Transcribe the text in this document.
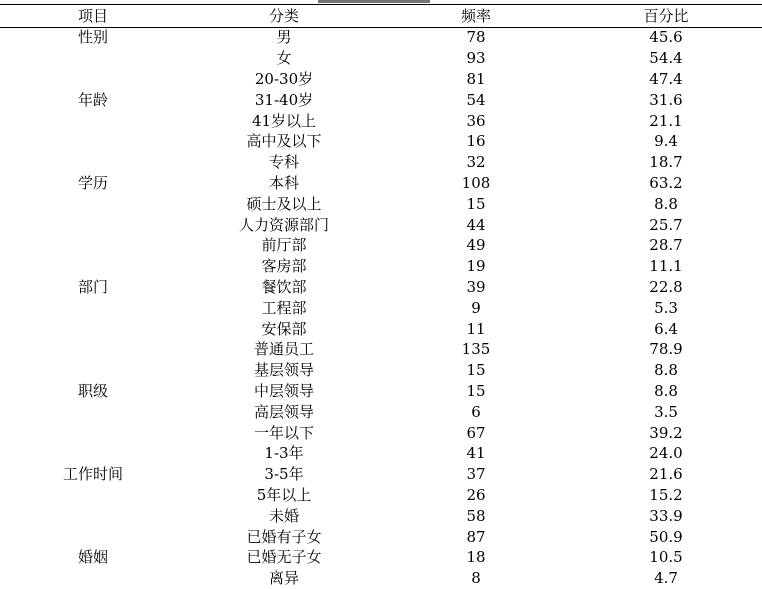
项目	分类	频率	百分比
性别	男	78	45.6
	女	93	54.4
	20-30岁	81	47.4
年龄	31-40岁	54	31.6
	41岁以上	36	21.1
	高中及以下	16	9.4
	专科	32	18.7
学历	本科	108	63.2
	硕士及以上	15	8.8
	人力资源部门	44	25.7
	前厅部	49	28.7
	客房部	19	11.1
部门	餐饮部	39	22.8
	工程部	9	5.3
	安保部	11	6.4
	普通员工	135	78.9
	基层领导	15	8.8
职级	中层领导	15	8.8
	高层领导	6	3.5
	一年以下	67	39.2
	1-3年	41	24.0
工作时间	3-5年	37	21.6
	5年以上	26	15.2
	未婚	58	33.9
	已婚有子女	87	50.9
婚姻	已婚无子女	18	10.5
	离异	8	4.7
